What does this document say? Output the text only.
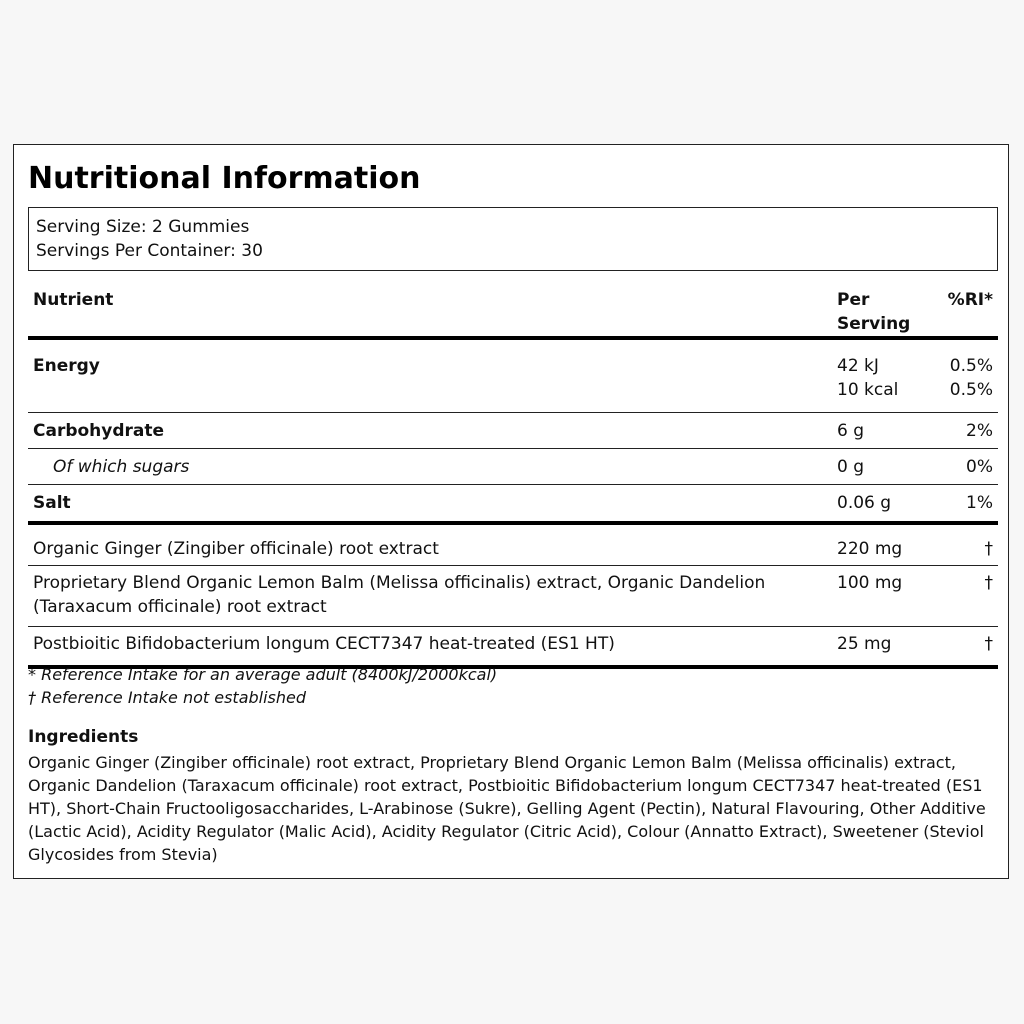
Nutritional Information
Serving Size: 2 Gummies
Servings Per Container: 30
Nutrient	Per Serving	%RI*
Energy	42 kJ	0.5%
	10 kcal	0.5%
Carbohydrate	6 g	2%
Of which sugars	0 g	0%
Salt	0.06 g	1%
Organic Ginger (Zingiber officinale) root extract	220 mg	†
Proprietary Blend Organic Lemon Balm (Melissa officinalis) extract, Organic Dandelion (Taraxacum officinale) root extract	100 mg	†
Postbioitic Bifidobacterium longum CECT7347 heat-treated (ES1 HT)	25 mg	†
* Reference Intake for an average adult (8400kJ/2000kcal)
† Reference Intake not established
Ingredients
Organic Ginger (Zingiber officinale) root extract, Proprietary Blend Organic Lemon Balm (Melissa officinalis) extract, Organic Dandelion (Taraxacum officinale) root extract, Postbioitic Bifidobacterium longum CECT7347 heat-treated (ES1 HT), Short-Chain Fructooligosaccharides, L-Arabinose (Sukre), Gelling Agent (Pectin), Natural Flavouring, Other Additive (Lactic Acid), Acidity Regulator (Malic Acid), Acidity Regulator (Citric Acid), Colour (Annatto Extract), Sweetener (Steviol Glycosides from Stevia)
